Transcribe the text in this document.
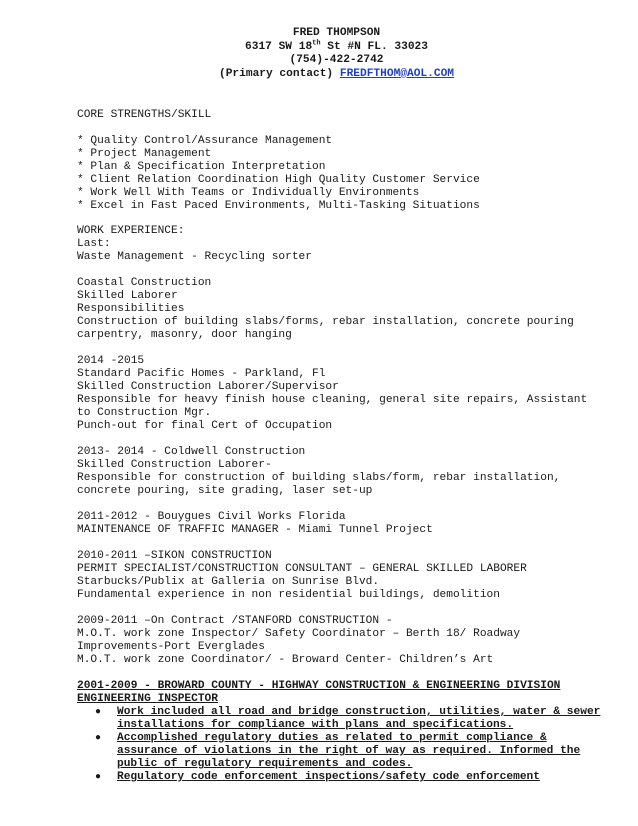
FRED THOMPSON
6317 SW 18th St #N FL. 33023
(754)-422-2742
(Primary contact) FREDFTHOM@AOL.COM
CORE STRENGTHS/SKILL
* Quality Control/Assurance Management
* Project Management
* Plan & Specification Interpretation
* Client Relation Coordination High Quality Customer Service
* Work Well With Teams or Individually Environments
* Excel in Fast Paced Environments, Multi-Tasking Situations
WORK EXPERIENCE:
Last:
Waste Management - Recycling sorter
Coastal Construction
Skilled Laborer
Responsibilities
Construction of building slabs/forms, rebar installation, concrete pouring carpentry, masonry, door hanging
2014 -2015
Standard Pacific Homes - Parkland, Fl
Skilled Construction Laborer/Supervisor
Responsible for heavy finish house cleaning, general site repairs, Assistant to Construction Mgr.
Punch-out for final Cert of Occupation
2013- 2014 - Coldwell Construction
Skilled Construction Laborer-
Responsible for construction of building slabs/form, rebar installation, concrete pouring, site grading, laser set-up
2011-2012 - Bouygues Civil Works Florida
MAINTENANCE OF TRAFFIC MANAGER - Miami Tunnel Project
2010-2011 –SIKON CONSTRUCTION
PERMIT SPECIALIST/CONSTRUCTION CONSULTANT – GENERAL SKILLED LABORER
Starbucks/Publix at Galleria on Sunrise Blvd.
Fundamental experience in non residential buildings, demolition
2009-2011 –On Contract /STANFORD CONSTRUCTION -
M.O.T. work zone Inspector/ Safety Coordinator – Berth 18/ Roadway Improvements-Port Everglades
M.O.T. work zone Coordinator/ - Broward Center- Children’s Art
2001-2009 - BROWARD COUNTY - HIGHWAY CONSTRUCTION & ENGINEERING DIVISION
ENGINEERING INSPECTOR
● Work included all road and bridge construction, utilities, water & sewer installations for compliance with plans and specifications.
● Accomplished regulatory duties as related to permit compliance & assurance of violations in the right of way as required. Informed the public of regulatory requirements and codes.
● Regulatory code enforcement inspections/safety code enforcement
